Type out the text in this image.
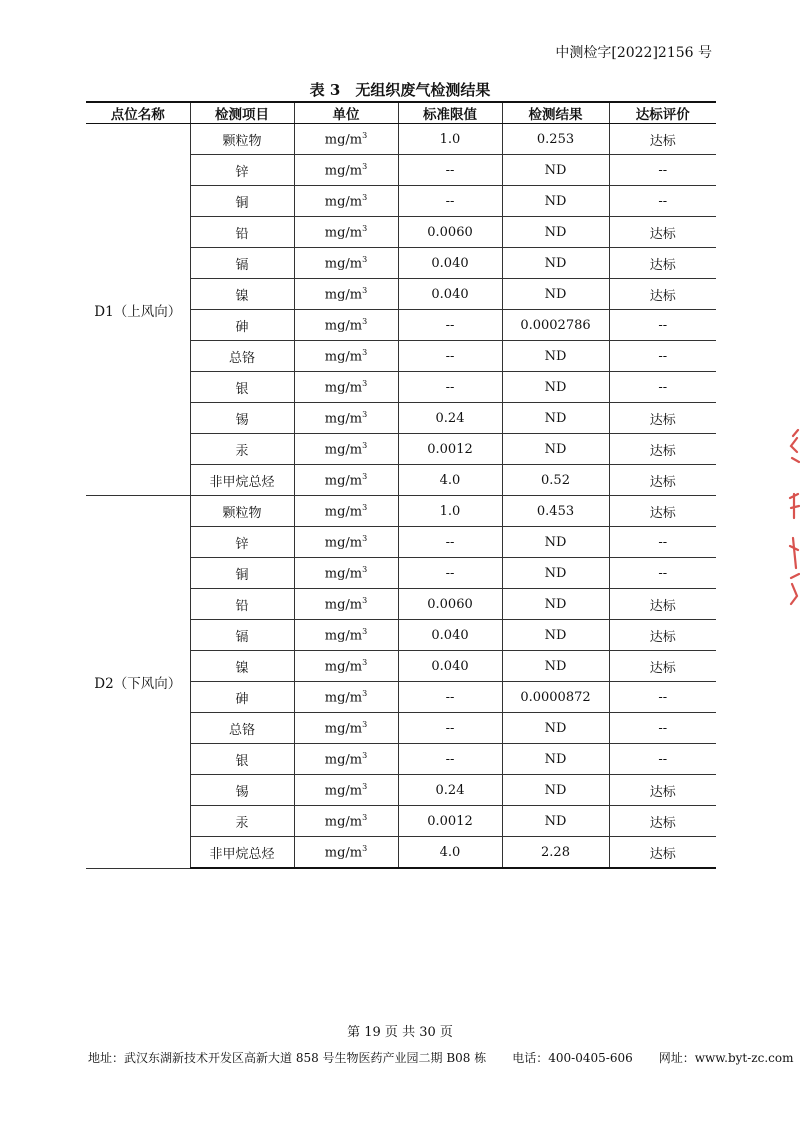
中测检字[2022]2156 号
表 3　无组织废气检测结果
点位名称	检测项目	单位	标准限值	检测结果	达标评价
D1（上风向）	颗粒物	$mg/m^3$	1.0	0.253	达标
	锌	$mg/m^3$	--	ND	--
	铜	$mg/m^3$	--	ND	--
	铅	$mg/m^3$	0.0060	ND	达标
	镉	$mg/m^3$	0.040	ND	达标
	镍	$mg/m^3$	0.040	ND	达标
	砷	$mg/m^3$	--	0.0002786	--
	总铬	$mg/m^3$	--	ND	--
	银	$mg/m^3$	--	ND	--
	锡	$mg/m^3$	0.24	ND	达标
	汞	$mg/m^3$	0.0012	ND	达标
	非甲烷总烃	$mg/m^3$	4.0	0.52	达标
D2（下风向）	颗粒物	$mg/m^3$	1.0	0.453	达标
	锌	$mg/m^3$	--	ND	--
	铜	$mg/m^3$	--	ND	--
	铅	$mg/m^3$	0.0060	ND	达标
	镉	$mg/m^3$	0.040	ND	达标
	镍	$mg/m^3$	0.040	ND	达标
	砷	$mg/m^3$	--	0.0000872	--
	总铬	$mg/m^3$	--	ND	--
	银	$mg/m^3$	--	ND	--
	锡	$mg/m^3$	0.24	ND	达标
	汞	$mg/m^3$	0.0012	ND	达标
	非甲烷总烃	$mg/m^3$	4.0	2.28	达标
第 19 页 共 30 页
地址：武汉东湖新技术开发区高新大道 858 号生物医药产业园二期 B08 栋 电话：400-0405-606 网址：www.byt-zc.com
